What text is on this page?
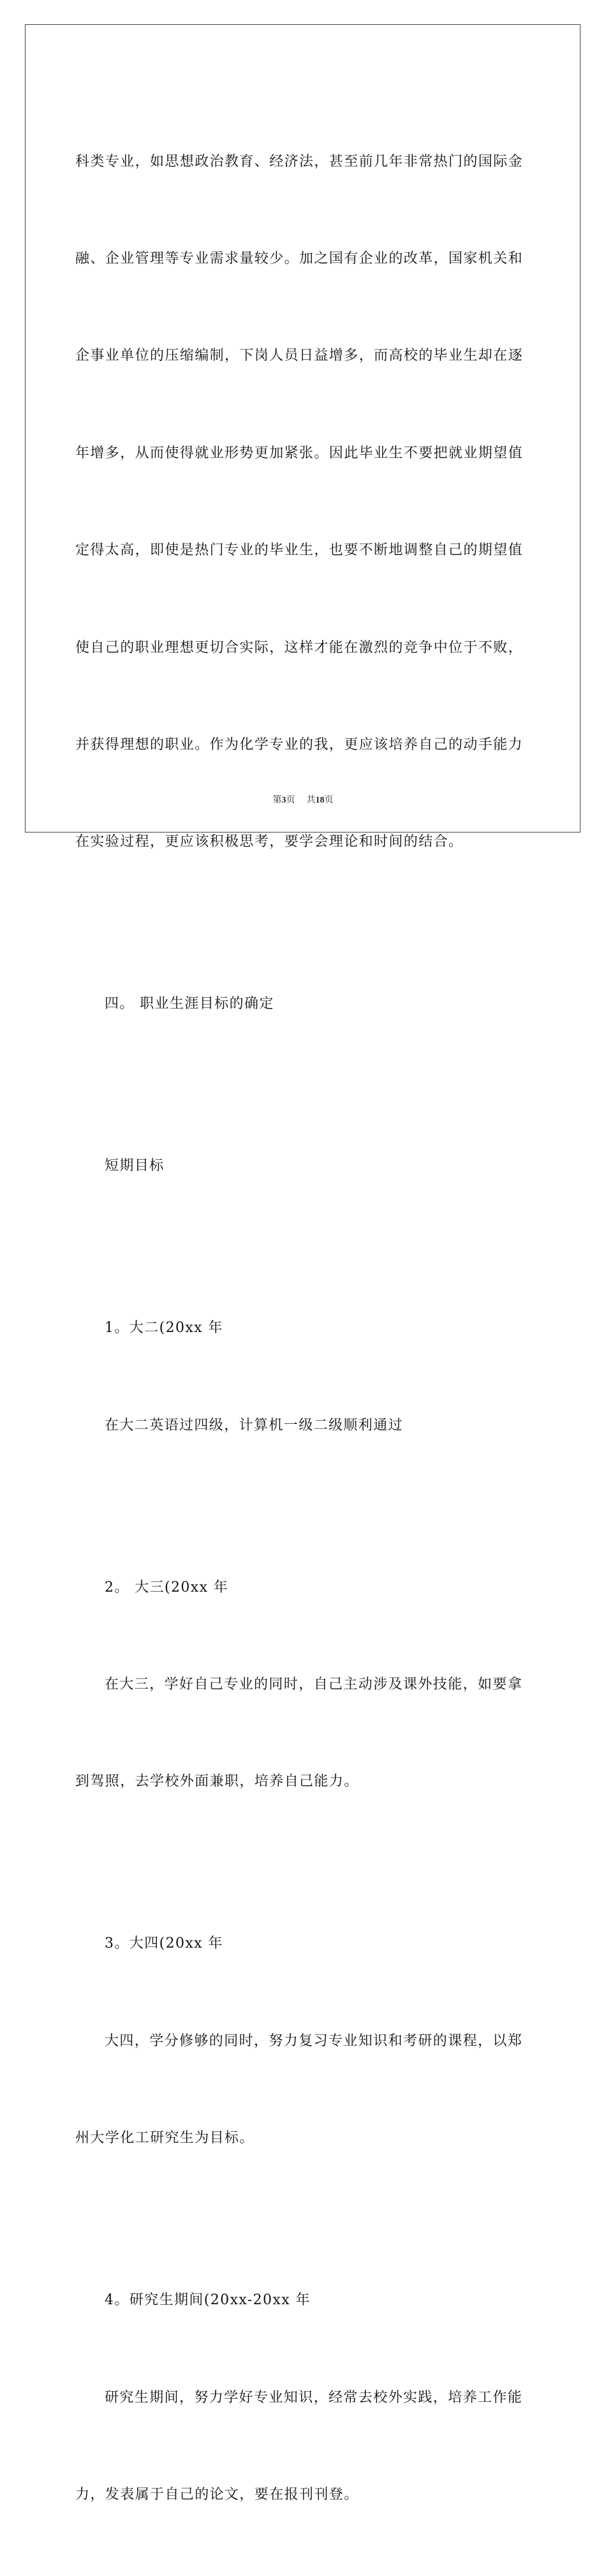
科类专业，如思想政治教育、经济法，甚至前几年非常热门的国际金

融、企业管理等专业需求量较少。加之国有企业的改革，国家机关和

企事业单位的压缩编制，下岗人员日益增多，而高校的毕业生却在逐

年增多，从而使得就业形势更加紧张。因此毕业生不要把就业期望值

定得太高，即使是热门专业的毕业生，也要不断地调整自己的期望值

使自己的职业理想更切合实际，这样才能在激烈的竞争中位于不败，

并获得理想的职业。作为化学专业的我，更应该培养自己的动手能力

在实验过程，更应该积极思考，要学会理论和时间的结合。

四。 职业生涯目标的确定

短期目标

1。大二(20xx 年

在大二英语过四级，计算机一级二级顺利通过

2。 大三(20xx 年

在大三，学好自己专业的同时，自己主动涉及课外技能，如要拿

到驾照，去学校外面兼职，培养自己能力。

3。大四(20xx 年

大四，学分修够的同时，努力复习专业知识和考研的课程，以郑

州大学化工研究生为目标。

4。研究生期间(20xx-20xx 年

研究生期间，努力学好专业知识，经常去校外实践，培养工作能

力，发表属于自己的论文，要在报刊刊登。

第3页 共18页
